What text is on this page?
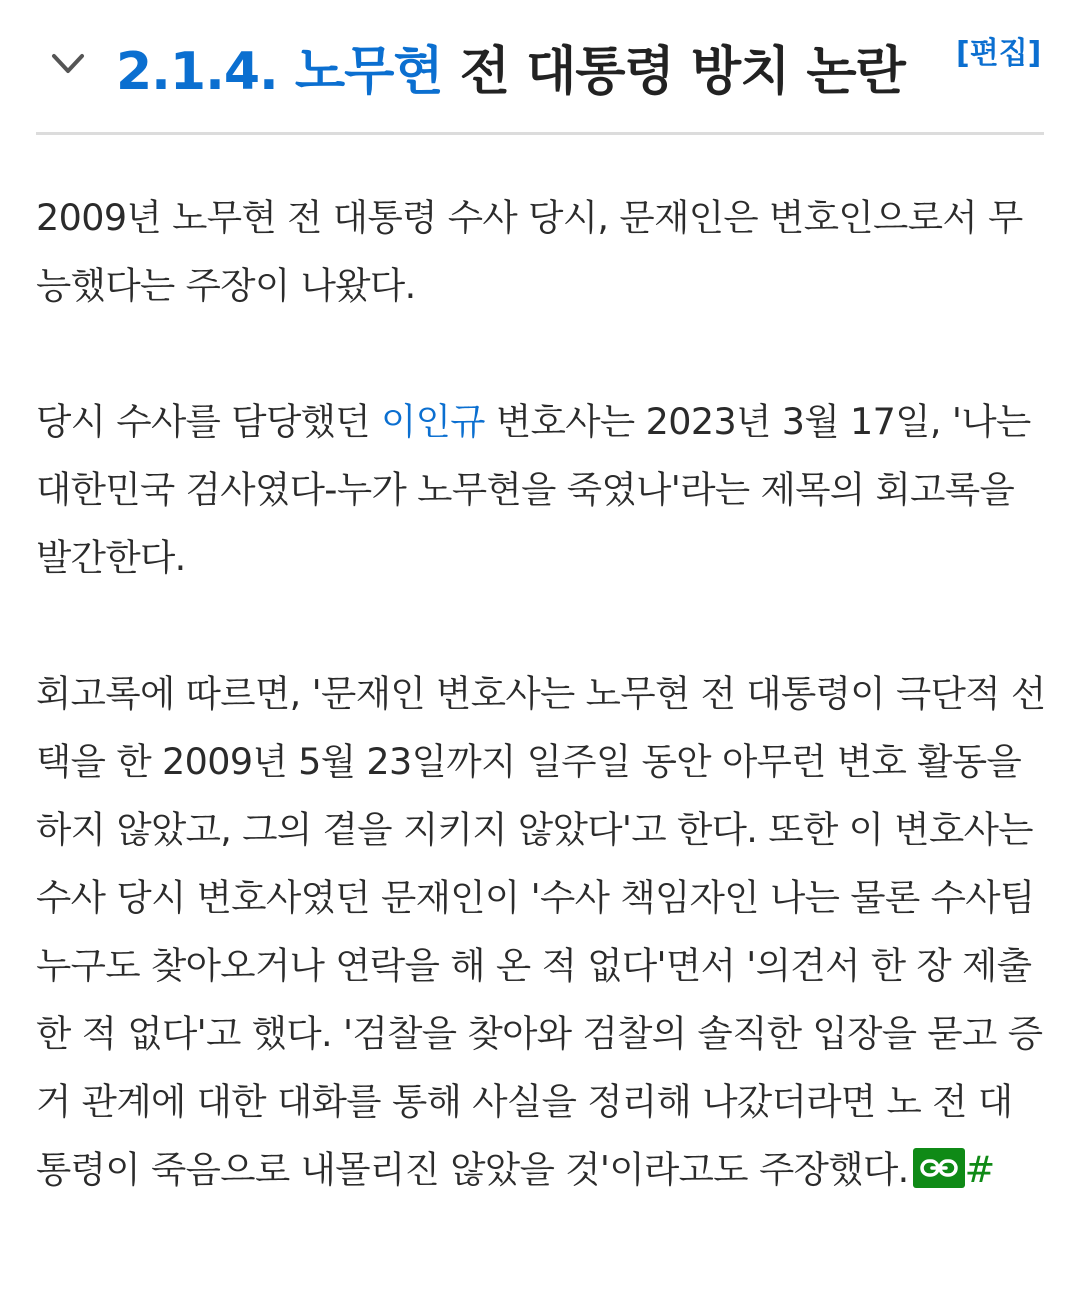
2.1.4. 노무현 전 대통령 방치 논란 [편집]

2009년 노무현 전 대통령 수사 당시, 문재인은 변호인으로서 무능했다는 주장이 나왔다.

당시 수사를 담당했던 이인규 변호사는 2023년 3월 17일, '나는 대한민국 검사였다-누가 노무현을 죽였나'라는 제목의 회고록을 발간한다.

회고록에 따르면, '문재인 변호사는 노무현 전 대통령이 극단적 선택을 한 2009년 5월 23일까지 일주일 동안 아무런 변호 활동을 하지 않았고, 그의 곁을 지키지 않았다'고 한다. 또한 이 변호사는 수사 당시 변호사였던 문재인이 '수사 책임자인 나는 물론 수사팀 누구도 찾아오거나 연락을 해 온 적 없다'면서 '의견서 한 장 제출한 적 없다'고 했다. '검찰을 찾아와 검찰의 솔직한 입장을 묻고 증거 관계에 대한 대화를 통해 사실을 정리해 나갔더라면 노 전 대통령이 죽음으로 내몰리진 않았을 것'이라고도 주장했다. #
